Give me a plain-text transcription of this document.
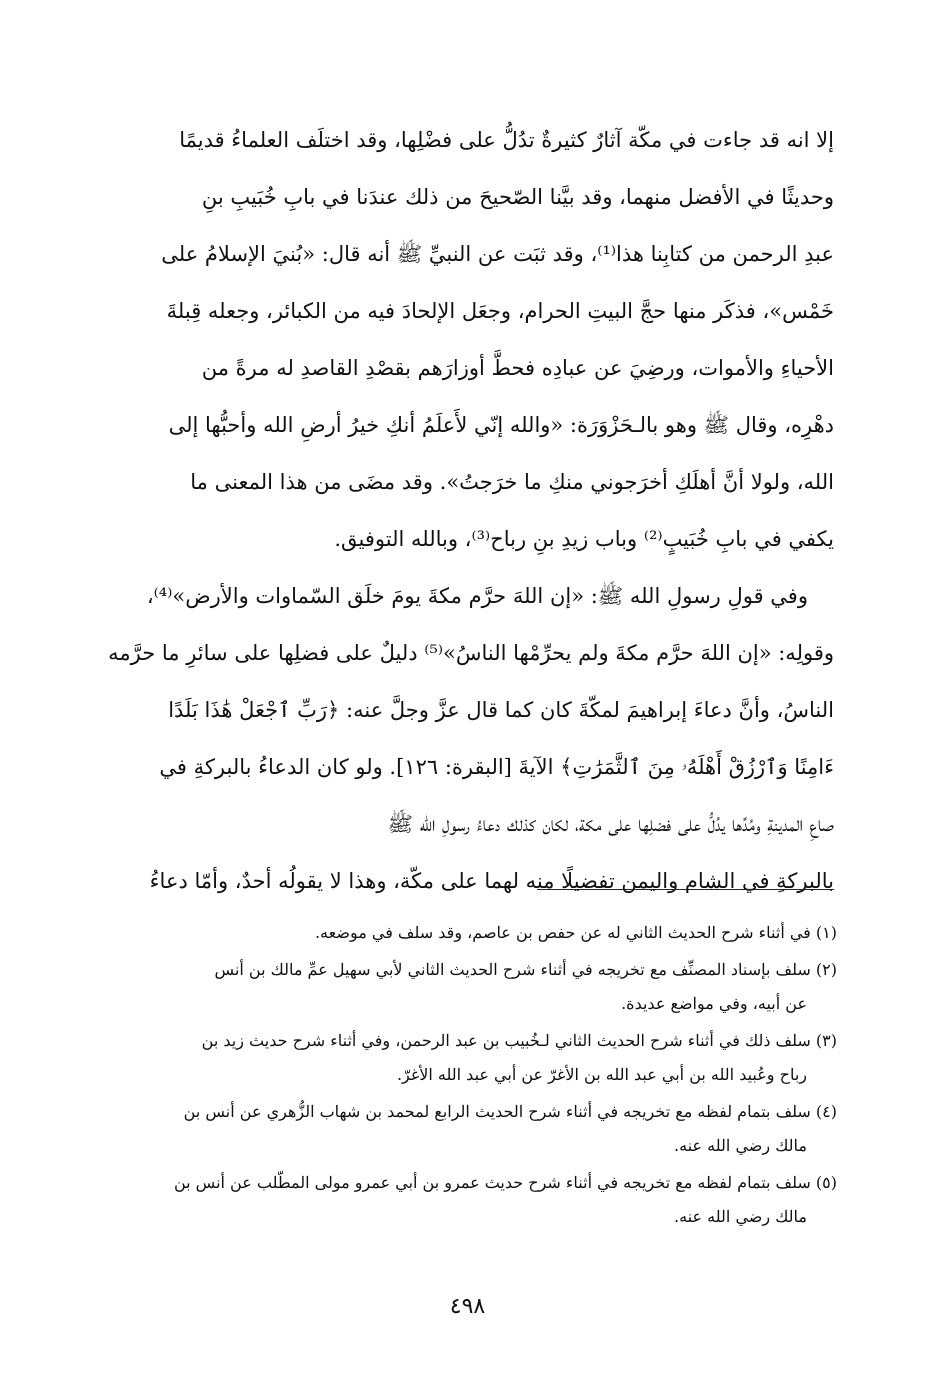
إلا انه قد جاءت في مكّة آثارٌ كثيرةٌ تدُلُّ على فضْلِها، وقد اختلَف العلماءُ قديمًا
وحديثًا في الأفضل منهما، وقد بيَّنا الصّحيحَ من ذلك عندَنا في بابِ خُبَيبِ بنِ
عبدِ الرحمن من كتابِنا هذا⁽¹⁾، وقد ثبَت عن النبيِّ ﷺ أنه قال: «بُنيَ الإسلامُ على
خَمْس»، فذكَر منها حجَّ البيتِ الحرام، وجعَل الإلحادَ فيه من الكبائر، وجعله قِبلةَ
الأحياءِ والأموات، ورضِيَ عن عبادِه فحطَّ أوزارَهم بقصْدِ القاصدِ له مرةً من
دهْرِه، وقال ﷺ وهو بالـحَزْوَرَة: «والله إنّي لأَعلَمُ أنكِ خيرُ أرضِ الله وأحبُّها إلى
الله، ولولا أنَّ أهلَكِ أخرَجوني منكِ ما خرَجتُ». وقد مضَى من هذا المعنى ما
يكفي في بابِ خُبَيبٍ⁽²⁾ وباب زيدِ بنِ رباح⁽³⁾، وبالله التوفيق.
وفي قولِ رسولِ الله ﷺ: «إن اللهَ حرَّم مكةَ يومَ خلَق السّماوات والأرض»⁽⁴⁾،
وقولِه: «إن اللهَ حرَّم مكةَ ولم يحرِّمْها الناسُ»⁽⁵⁾ دليلٌ على فضلِها على سائرِ ما حرَّمه
الناسُ، وأنَّ دعاءَ إبراهيمَ لمكّةَ كان كما قال عزَّ وجلَّ عنه: ﴿رَبِّ ٱجْعَلْ هَٰذَا بَلَدًا
ءَامِنًا وَٱرْزُقْ أَهْلَهُۥ مِنَ ٱلثَّمَرَٰتِ﴾ الآيةَ [البقرة: ١٢٦]. ولو كان الدعاءُ بالبركةِ في
صاعِ المدينةِ ومُدِّها يدُلُّ على فضلِها على مكة، لكان كذلك دعاءُ رسولِ الله ﷺ
بالبركةِ في الشام واليمن تفضيلًا منه لهما على مكّة، وهذا لا يقولُه أحدٌ، وأمّا دعاءُ
(١) في أثناء شرح الحديث الثاني له عن حفص بن عاصم، وقد سلف في موضعه.
(٢) سلف بإسناد المصنِّف مع تخريجه في أثناء شرح الحديث الثاني لأبي سهيل عمِّ مالك بن أنس
عن أبيه، وفي مواضع عديدة.
(٣) سلف ذلك في أثناء شرح الحديث الثاني لـخُبيب بن عبد الرحمن، وفي أثناء شرح حديث زيد بن
رباح وعُبيد الله بن أبي عبد الله بن الأغرّ عن أبي عبد الله الأغرّ.
(٤) سلف بتمام لفظه مع تخريجه في أثناء شرح الحديث الرابع لمحمد بن شهاب الزُّهري عن أنس بن
مالك رضي الله عنه.
(٥) سلف بتمام لفظه مع تخريجه في أثناء شرح حديث عمرو بن أبي عمرو مولى المطّلب عن أنس بن
مالك رضي الله عنه.
٤٩٨
